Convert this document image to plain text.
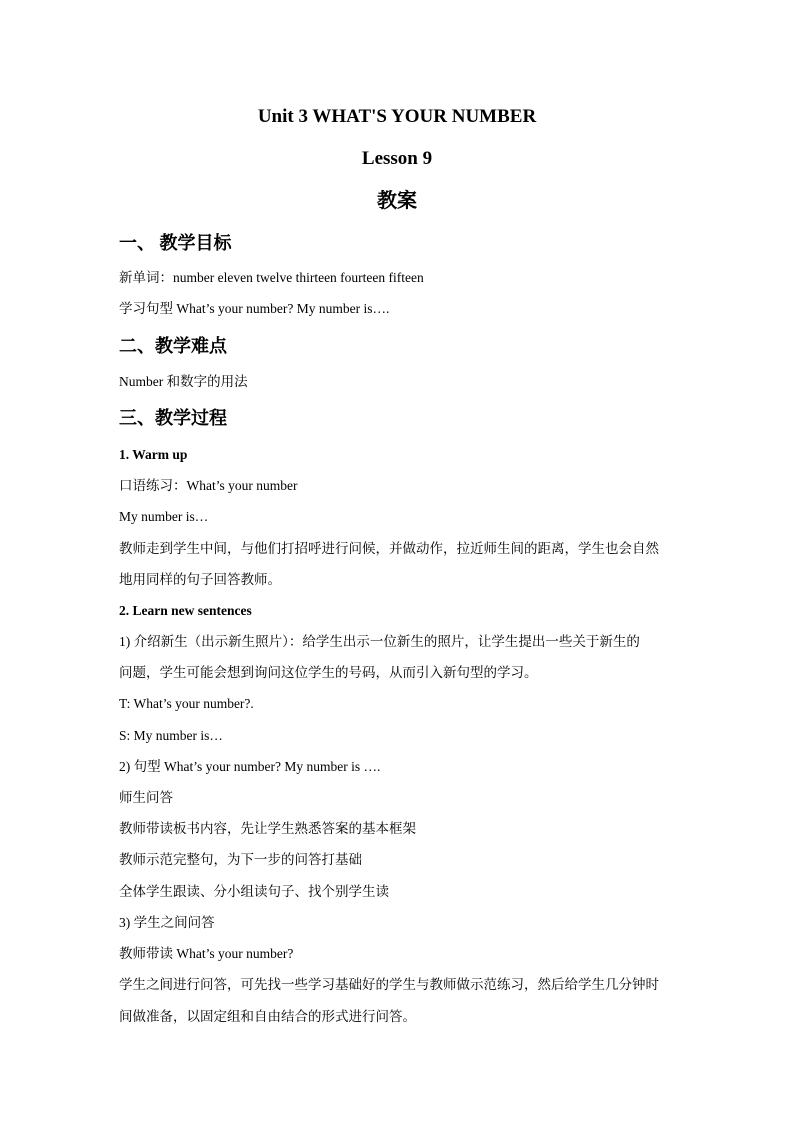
Unit 3 WHAT'S YOUR NUMBER
Lesson 9
教案
一、 教学目标
新单词：number eleven twelve thirteen fourteen fifteen
学习句型 What’s your number? My number is….
二、教学难点
Number 和数字的用法
三、教学过程
1. Warm up
口语练习：What’s your number
My number is…
教师走到学生中间，与他们打招呼进行问候，并做动作，拉近师生间的距离，学生也会自然
地用同样的句子回答教师。
2. Learn new sentences
1) 介绍新生（出示新生照片）：给学生出示一位新生的照片，让学生提出一些关于新生的
问题，学生可能会想到询问这位学生的号码，从而引入新句型的学习。
T: What’s your number?.
S: My number is…
2) 句型 What’s your number? My number is ….
师生问答
教师带读板书内容，先让学生熟悉答案的基本框架
教师示范完整句，为下一步的问答打基础
全体学生跟读、分小组读句子、找个别学生读
3) 学生之间问答
教师带读 What’s your number?
学生之间进行问答，可先找一些学习基础好的学生与教师做示范练习，然后给学生几分钟时
间做准备，以固定组和自由结合的形式进行问答。
